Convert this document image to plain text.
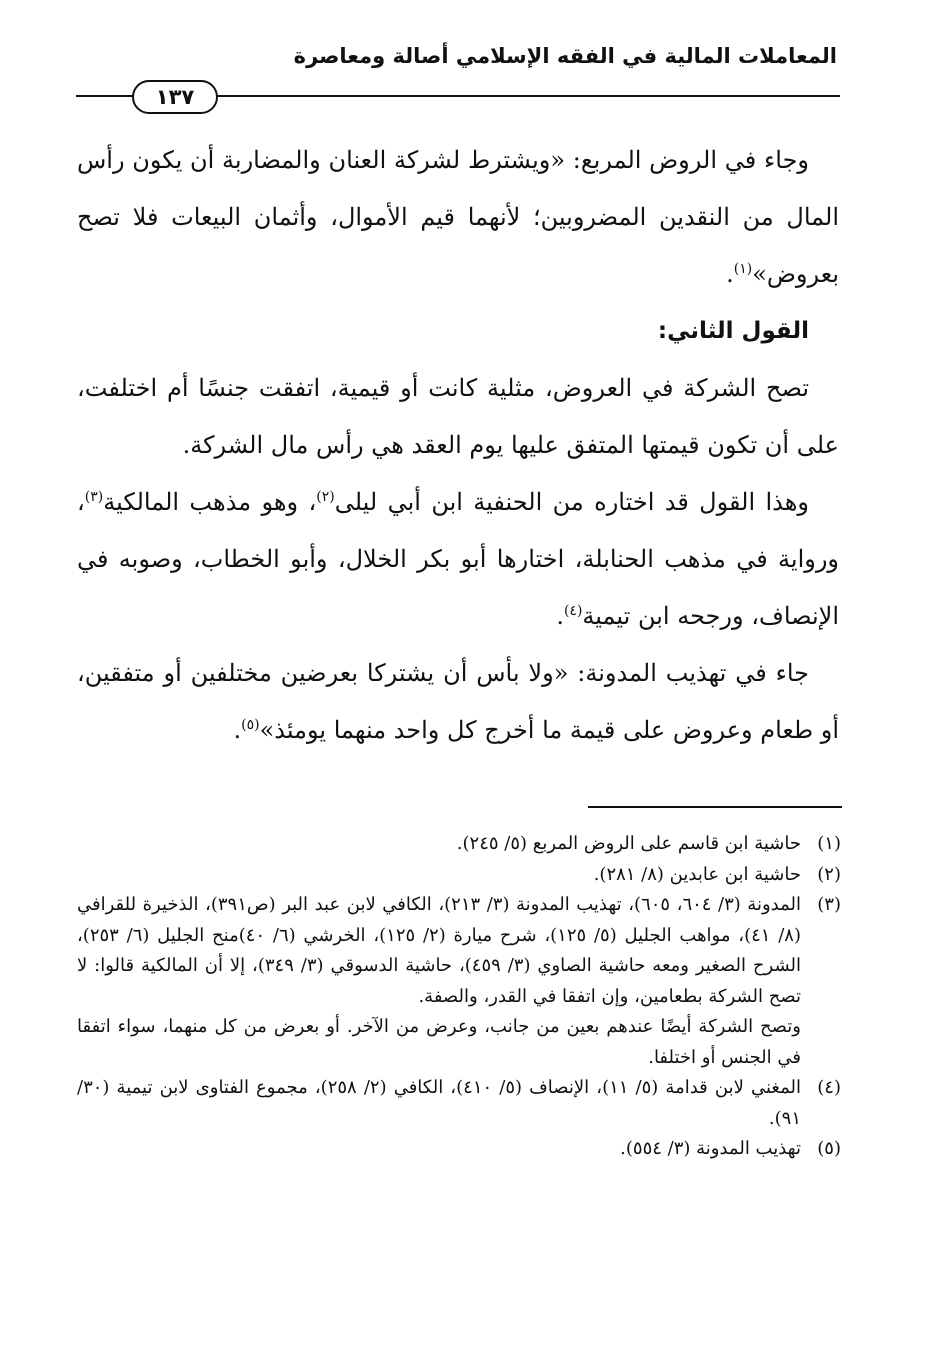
المعاملات المالية في الفقه الإسلامي أصالة ومعاصرة
١٣٧

وجاء في الروض المربع: «ويشترط لشركة العنان والمضاربة أن يكون رأس المال من النقدين المضروبين؛ لأنهما قيم الأموال، وأثمان البيعات فلا تصح بعروض»$^{(١)}$.

القول الثاني:

تصح الشركة في العروض، مثلية كانت أو قيمية، اتفقت جنسًا أم اختلفت، على أن تكون قيمتها المتفق عليها يوم العقد هي رأس مال الشركة.

وهذا القول قد اختاره من الحنفية ابن أبي ليلى$^{(٢)}$، وهو مذهب المالكية$^{(٣)}$، ورواية في مذهب الحنابلة، اختارها أبو بكر الخلال، وأبو الخطاب، وصوبه في الإنصاف، ورجحه ابن تيمية$^{(٤)}$.

جاء في تهذيب المدونة: «ولا بأس أن يشتركا بعرضين مختلفين أو متفقين، أو طعام وعروض على قيمة ما أخرج كل واحد منهما يومئذ»$^{(٥)}$.

(١)
حاشية ابن قاسم على الروض المربع (٥/ ٢٤٥).
(٢)
حاشية ابن عابدين (٨/ ٢٨١).
(٣)
المدونة (٣/ ٦٠٤، ٦٠٥)، تهذيب المدونة (٣/ ٢١٣)، الكافي لابن عبد البر (ص٣٩١)، الذخيرة للقرافي (٨/ ٤١)، مواهب الجليل (٥/ ١٢٥)، شرح ميارة (٢/ ١٢٥)، الخرشي (٦/ ٤٠)منح الجليل (٦/ ٢٥٣)، الشرح الصغير ومعه حاشية الصاوي (٣/ ٤٥٩)، حاشية الدسوقي (٣/ ٣٤٩)، إلا أن المالكية قالوا: لا تصح الشركة بطعامين، وإن اتفقا في القدر، والصفة.
وتصح الشركة أيضًا عندهم بعين من جانب، وعرض من الآخر. أو بعرض من كل منهما، سواء اتفقا في الجنس أو اختلفا.
(٤)
المغني لابن قدامة (٥/ ١١)، الإنصاف (٥/ ٤١٠)، الكافي (٢/ ٢٥٨)، مجموع الفتاوى لابن تيمية (٣٠/ ٩١).
(٥)
تهذيب المدونة (٣/ ٥٥٤).
